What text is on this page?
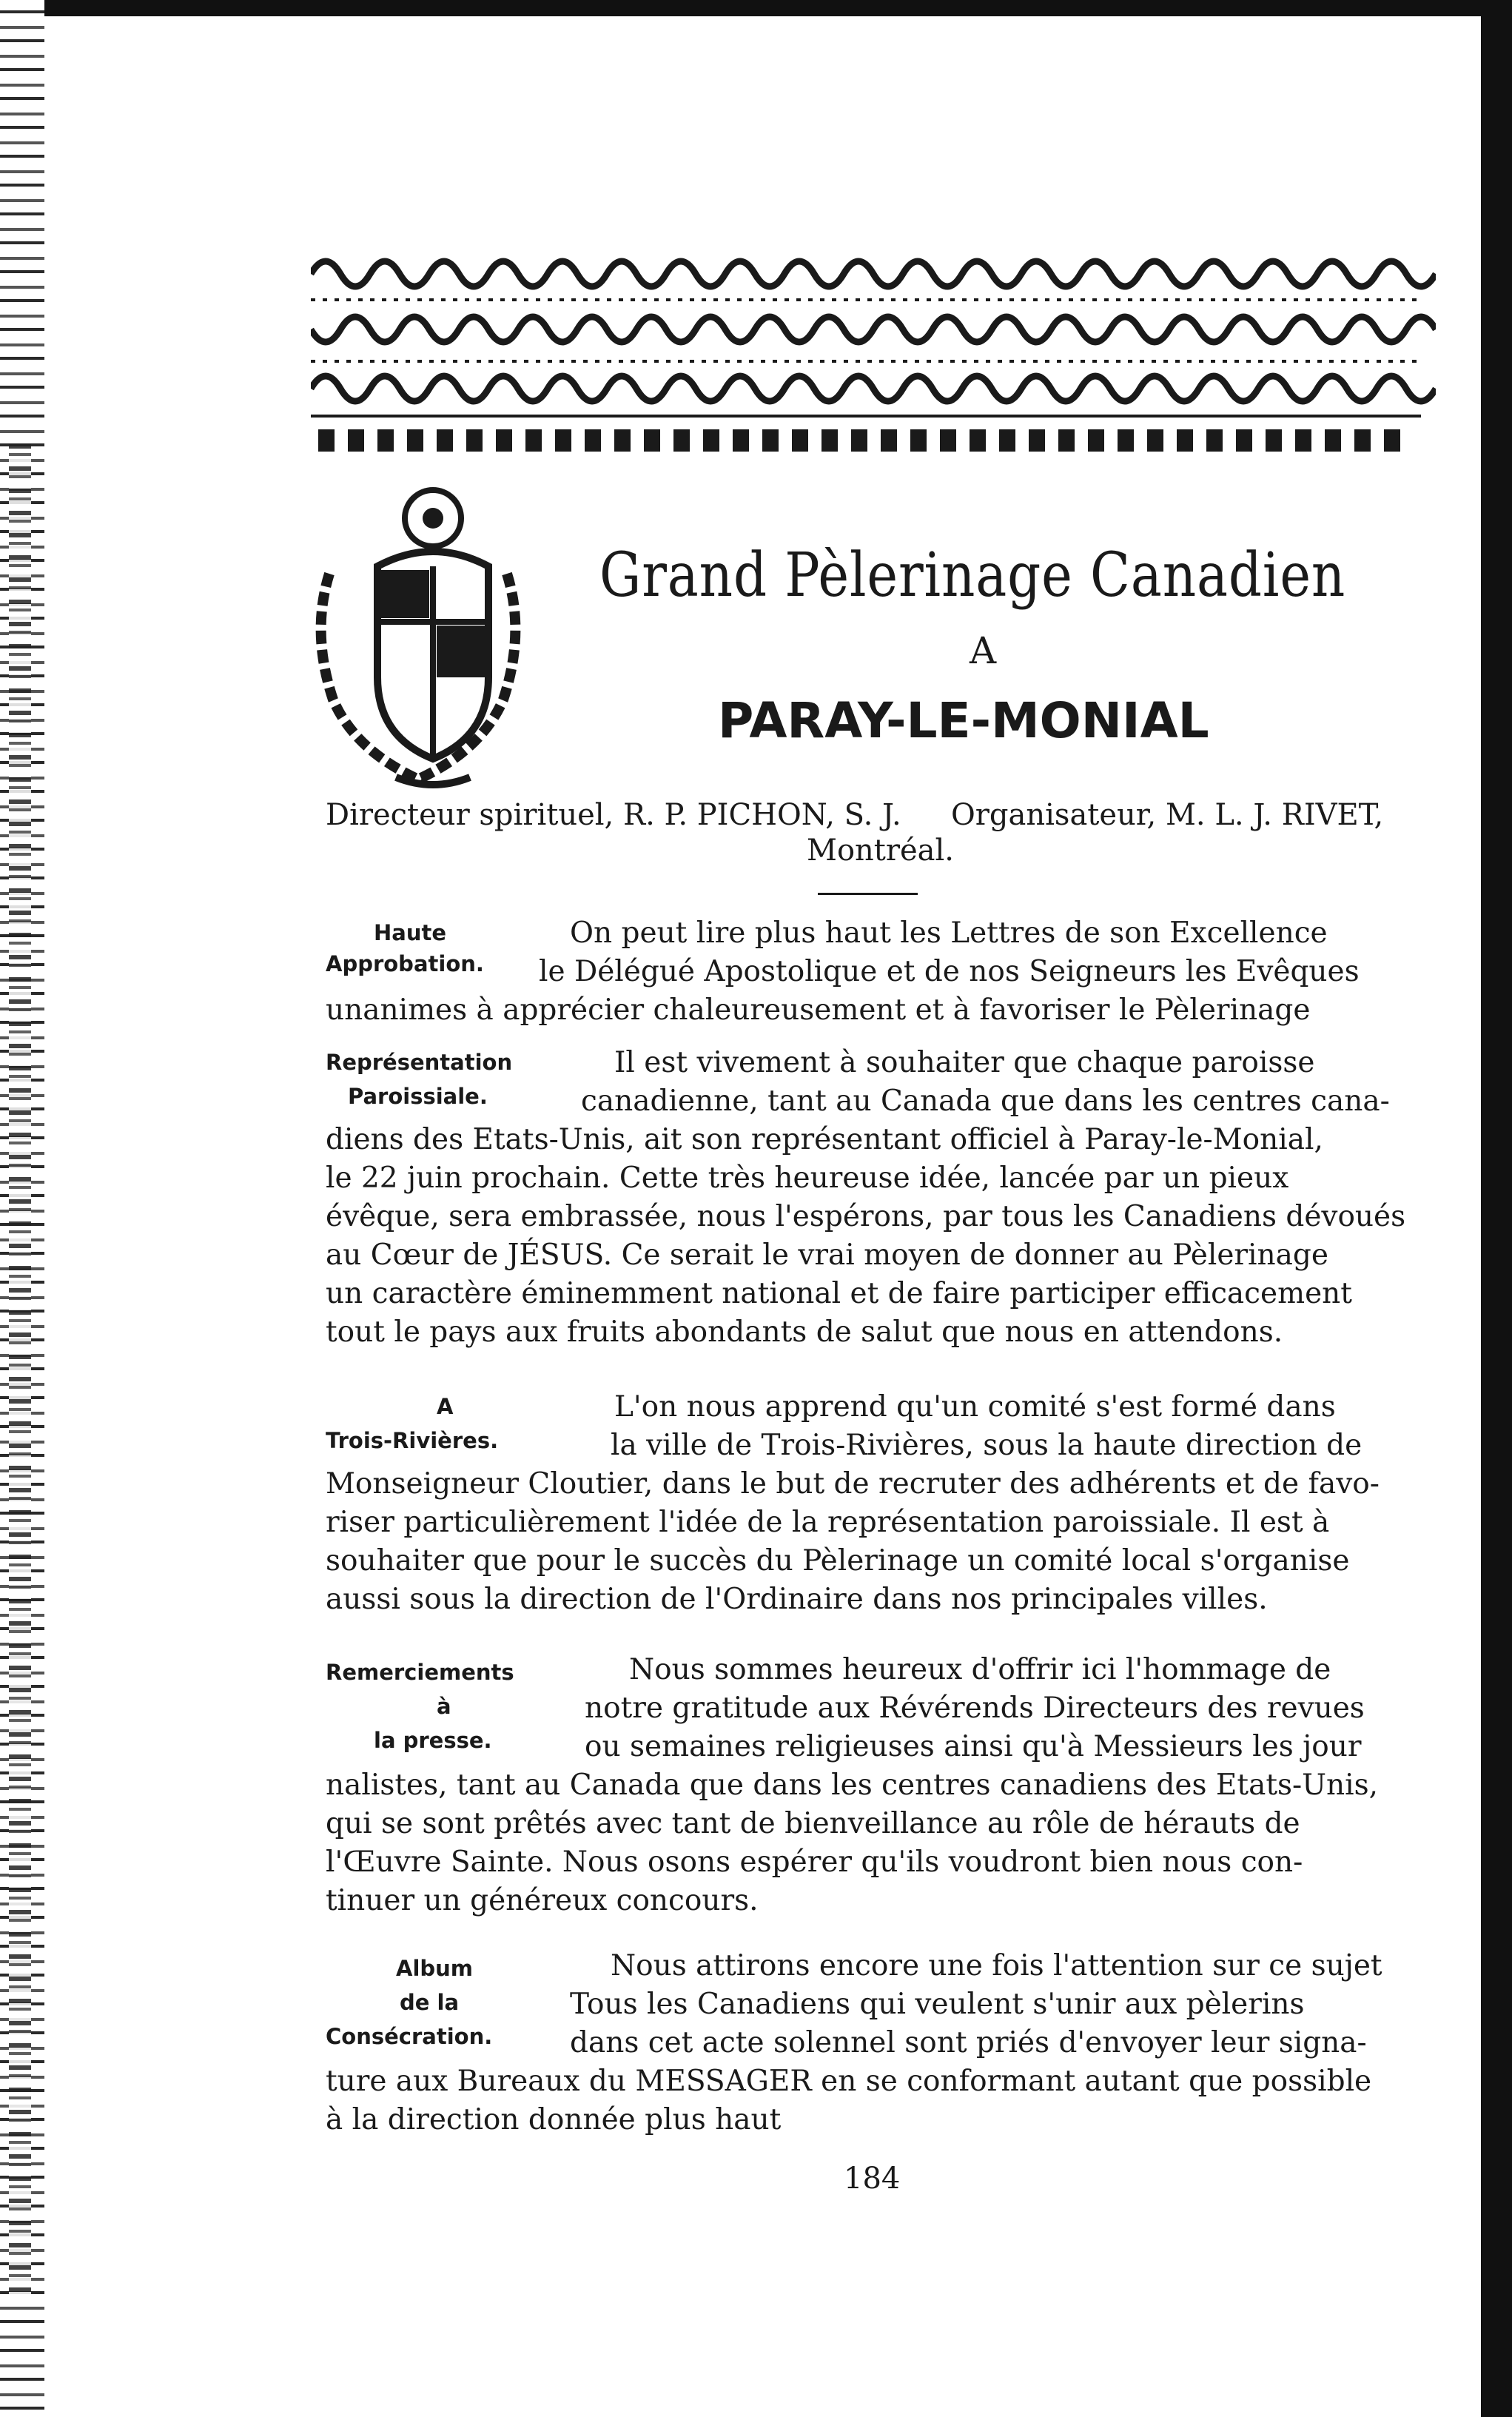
Grand Pèlerinage Canadien
A
PARAY-LE-MONIAL
Directeur spirituel, R. P. PICHON, S. J. Organisateur, M. L. J. RIVET,
Montréal.
Haute
Approbation.
On peut lire plus haut les Lettres de son Excellence
le Délégué Apostolique et de nos Seigneurs les Evêques
unanimes à apprécier chaleureusement et à favoriser le Pèlerinage
Représentation
Paroissiale.
Il est vivement à souhaiter que chaque paroisse
canadienne, tant au Canada que dans les centres cana-
diens des Etats-Unis, ait son représentant officiel à Paray-le-Monial,
le 22 juin prochain. Cette très heureuse idée, lancée par un pieux
évêque, sera embrassée, nous l'espérons, par tous les Canadiens dévoués
au Cœur de JÉSUS. Ce serait le vrai moyen de donner au Pèlerinage
un caractère éminemment national et de faire participer efficacement
tout le pays aux fruits abondants de salut que nous en attendons.
A
Trois-Rivières.
L'on nous apprend qu'un comité s'est formé dans
la ville de Trois-Rivières, sous la haute direction de
Monseigneur Cloutier, dans le but de recruter des adhérents et de favo-
riser particulièrement l'idée de la représentation paroissiale. Il est à
souhaiter que pour le succès du Pèlerinage un comité local s'organise
aussi sous la direction de l'Ordinaire dans nos principales villes.
Remerciements
à
la presse.
Nous sommes heureux d'offrir ici l'hommage de
notre gratitude aux Révérends Directeurs des revues
ou semaines religieuses ainsi qu'à Messieurs les jour
nalistes, tant au Canada que dans les centres canadiens des Etats-Unis,
qui se sont prêtés avec tant de bienveillance au rôle de hérauts de
l'Œuvre Sainte. Nous osons espérer qu'ils voudront bien nous con-
tinuer un généreux concours.
Album
de la
Consécration.
Nous attirons encore une fois l'attention sur ce sujet
Tous les Canadiens qui veulent s'unir aux pèlerins
dans cet acte solennel sont priés d'envoyer leur signa-
ture aux Bureaux du MESSAGER en se conformant autant que possible
à la direction donnée plus haut
184
